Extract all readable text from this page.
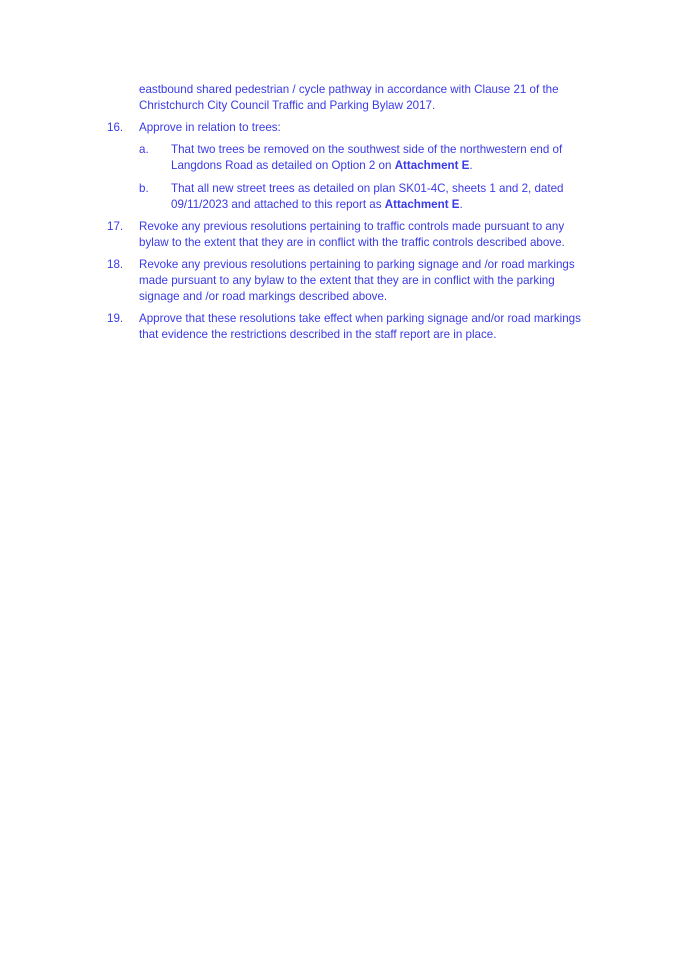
eastbound shared pedestrian / cycle pathway in accordance with Clause 21 of the
Christchurch City Council Traffic and Parking Bylaw 2017.
16. Approve in relation to trees:
a. That two trees be removed on the southwest side of the northwestern end of
Langdons Road as detailed on Option 2 on Attachment E.
b. That all new street trees as detailed on plan SK01-4C, sheets 1 and 2, dated
09/11/2023 and attached to this report as Attachment E.
17. Revoke any previous resolutions pertaining to traffic controls made pursuant to any
bylaw to the extent that they are in conflict with the traffic controls described above.
18. Revoke any previous resolutions pertaining to parking signage and /or road markings
made pursuant to any bylaw to the extent that they are in conflict with the parking
signage and /or road markings described above.
19. Approve that these resolutions take effect when parking signage and/or road markings
that evidence the restrictions described in the staff report are in place.
